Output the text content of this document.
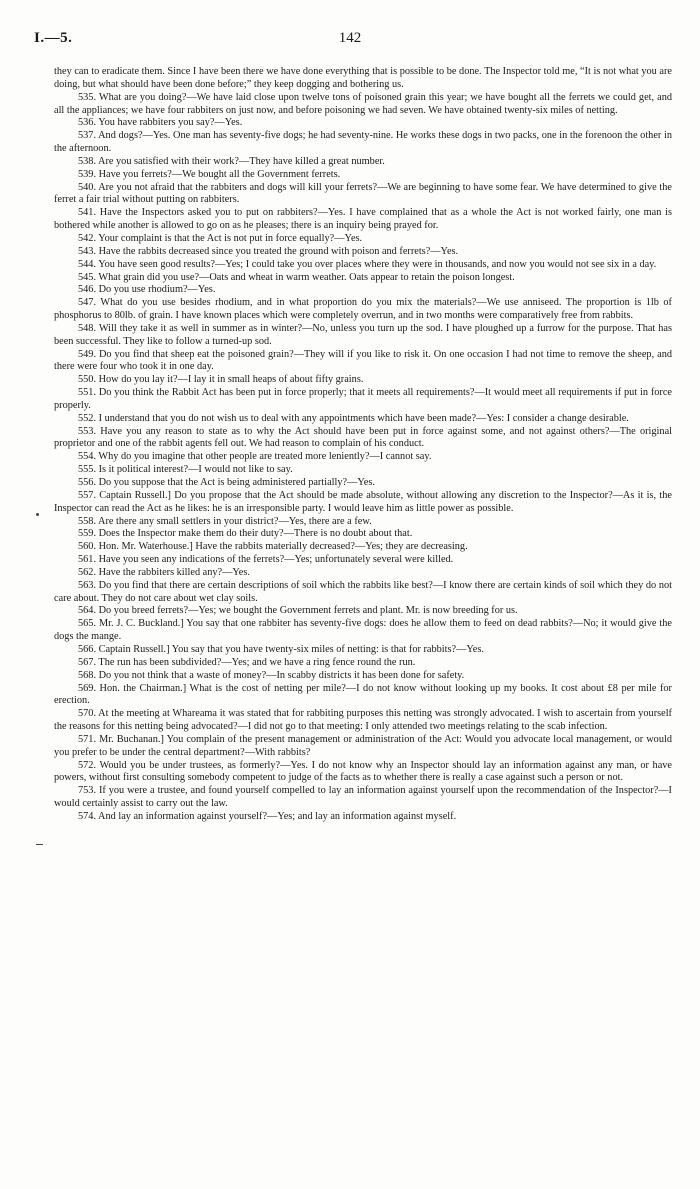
I.—5.	142

they can to eradicate them. Since I have been there we have done everything that is possible to be done. The Inspector told me, “It is not what you are doing, but what should have been done before;” they keep dogging and bothering us.

535. What are you doing?—We have laid close upon twelve tons of poisoned grain this year; we have bought all the ferrets we could get, and all the appliances; we have four rabbiters on just now, and before poisoning we had seven. We have obtained twenty-six miles of netting.

536. You have rabbiters you say?—Yes.

537. And dogs?—Yes. One man has seventy-five dogs; he had seventy-nine. He works these dogs in two packs, one in the forenoon the other in the afternoon.

538. Are you satisfied with their work?—They have killed a great number.

539. Have you ferrets?—We bought all the Government ferrets.

540. Are you not afraid that the rabbiters and dogs will kill your ferrets?—We are beginning to have some fear. We have determined to give the ferret a fair trial without putting on rabbiters.

541. Have the Inspectors asked you to put on rabbiters?—Yes. I have complained that as a whole the Act is not worked fairly, one man is bothered while another is allowed to go on as he pleases; there is an inquiry being prayed for.

542. Your complaint is that the Act is not put in force equally?—Yes.

543. Have the rabbits decreased since you treated the ground with poison and ferrets?—Yes.

544. You have seen good results?—Yes; I could take you over places where they were in thousands, and now you would not see six in a day.

545. What grain did you use?—Oats and wheat in warm weather. Oats appear to retain the poison longest.

546. Do you use rhodium?—Yes.

547. What do you use besides rhodium, and in what proportion do you mix the materials?—We use anniseed. The proportion is 1lb of phosphorus to 80lb. of grain. I have known places which were completely overrun, and in two months were comparatively free from rabbits.

548. Will they take it as well in summer as in winter?—No, unless you turn up the sod. I have ploughed up a furrow for the purpose. That has been successful. They like to follow a turned-up sod.

549. Do you find that sheep eat the poisoned grain?—They will if you like to risk it. On one occasion I had not time to remove the sheep, and there were four who took it in one day.

550. How do you lay it?—I lay it in small heaps of about fifty grains.

551. Do you think the Rabbit Act has been put in force properly; that it meets all requirements?—It would meet all requirements if put in force properly.

552. I understand that you do not wish us to deal with any appointments which have been made?—Yes: I consider a change desirable.

553. Have you any reason to state as to why the Act should have been put in force against some, and not against others?—The original proprietor and one of the rabbit agents fell out. We had reason to complain of his conduct.

554. Why do you imagine that other people are treated more leniently?—I cannot say.

555. Is it political interest?—I would not like to say.

556. Do you suppose that the Act is being administered partially?—Yes.

557. Captain Russell.] Do you propose that the Act should be made absolute, without allowing any discretion to the Inspector?—As it is, the Inspector can read the Act as he likes: he is an irresponsible party. I would leave him as little power as possible.

558. Are there any small settlers in your district?—Yes, there are a few.

559. Does the Inspector make them do their duty?—There is no doubt about that.

560. Hon. Mr. Waterhouse.] Have the rabbits materially decreased?—Yes; they are decreasing.

561. Have you seen any indications of the ferrets?—Yes; unfortunately several were killed.

562. Have the rabbiters killed any?—Yes.

563. Do you find that there are certain descriptions of soil which the rabbits like best?—I know there are certain kinds of soil which they do not care about. They do not care about wet clay soils.

564. Do you breed ferrets?—Yes; we bought the Government ferrets and plant. Mr. is now breeding for us.

565. Mr. J. C. Buckland.] You say that one rabbiter has seventy-five dogs: does he allow them to feed on dead rabbits?—No; it would give the dogs the mange.

566. Captain Russell.] You say that you have twenty-six miles of netting: is that for rabbits?—Yes.

567. The run has been subdivided?—Yes; and we have a ring fence round the run.

568. Do you not think that a waste of money?—In scabby districts it has been done for safety.

569. Hon. the Chairman.] What is the cost of netting per mile?—I do not know without looking up my books. It cost about £8 per mile for erection.

570. At the meeting at Whareama it was stated that for rabbiting purposes this netting was strongly advocated. I wish to ascertain from yourself the reasons for this netting being advocated?—I did not go to that meeting: I only attended two meetings relating to the scab infection.

571. Mr. Buchanan.] You complain of the present management or administration of the Act: Would you advocate local management, or would you prefer to be under the central department?—With rabbits?

572. Would you be under trustees, as formerly?—Yes. I do not know why an Inspector should lay an information against any man, or have powers, without first consulting somebody competent to judge of the facts as to whether there is really a case against such a person or not.

753. If you were a trustee, and found yourself compelled to lay an information against yourself upon the recommendation of the Inspector?—I would certainly assist to carry out the law.

574. And lay an information against yourself?—Yes; and lay an information against myself.
